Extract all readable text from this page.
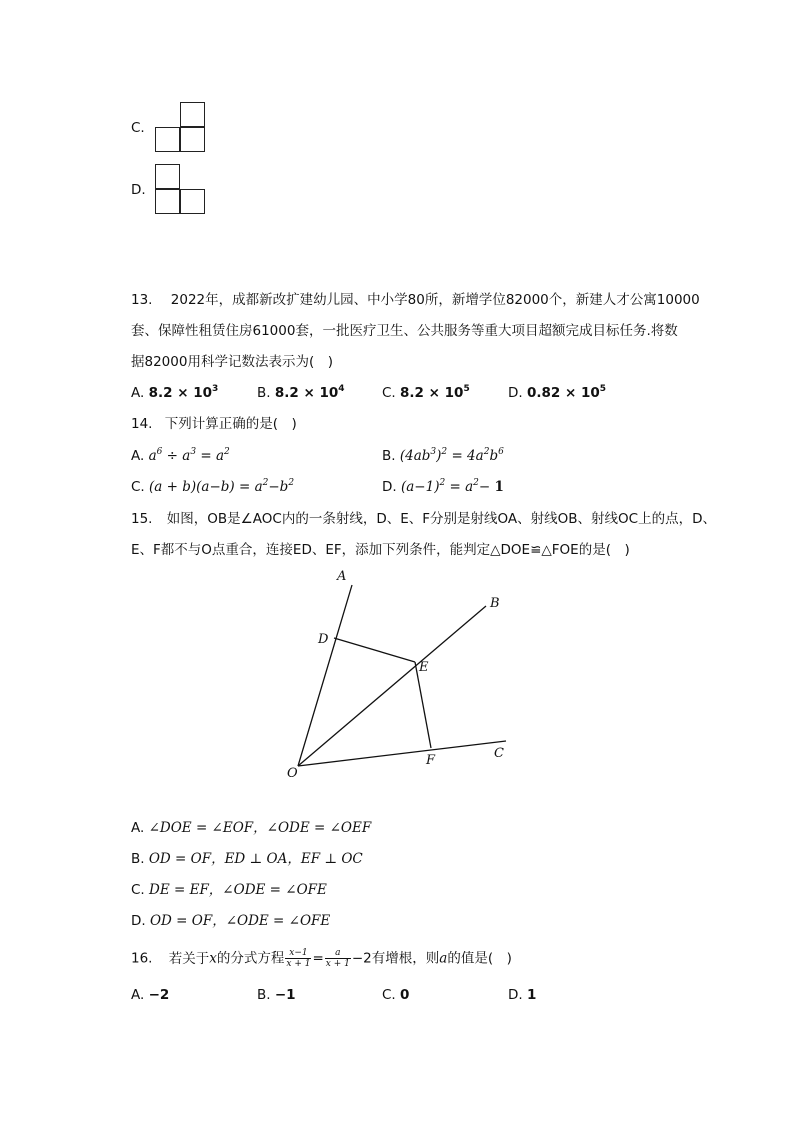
C.
D.
13. 2022年，成都新改扩建幼儿园、中小学80所，新增学位82000个，新建人才公寓10000
套、保障性租赁住房61000套，一批医疗卫生、公共服务等重大项目超额完成目标任务.将数
据82000用科学记数法表示为(　)
A. $8.2 \times 10^3$	B. $8.2 \times 10^4$	C. $8.2 \times 10^5$	D. $0.82 \times 10^5$
14. 下列计算正确的是(　)
A. $a^6 \div a^3 = a^2$	B. $(4ab^3)^2 = 4a^2b^6$
C. $(a + b)(a-b) = a^2-b^2$	D. $(a-1)^2 = a^2- 1$
15. 如图，OB是∠AOC内的一条射线，D、E、F分别是射线OA、射线OB、射线OC上的点，D、
E、F都不与O点重合，连接ED、EF，添加下列条件，能判定△DOE≌△FOE的是(　)
A
B
C
D
E
F
O
A. ∠DOE = ∠EOF，∠ODE = ∠OEF
B. OD = OF，ED ⊥ OA，EF ⊥ OC
C. DE = EF，∠ODE = ∠OFE
D. OD = OF，∠ODE = ∠OFE
16. 若关于x的分式方程 $\frac{x-1}{x + 1} = \frac{a}{x + 1} -2$有增根，则a的值是(　)
A. −2	B. −1	C. 0	D. 1
